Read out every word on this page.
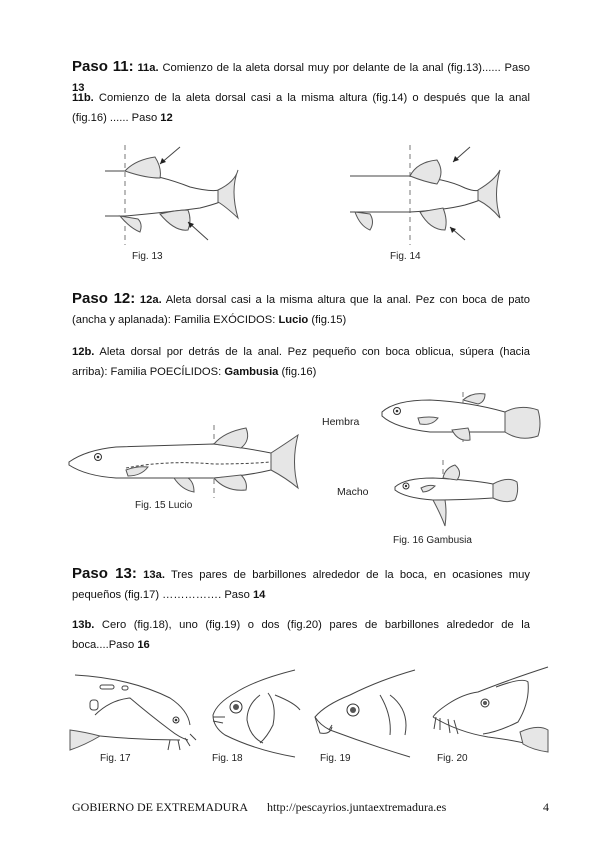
Paso 11: 11a. Comienzo de la aleta dorsal muy por delante de la anal (fig.13)...... Paso 13
11b. Comienzo de la aleta dorsal casi a la misma altura (fig.14) o después que la anal (fig.16) ...... Paso 12
Fig. 13	Fig. 14
Paso 12: 12a. Aleta dorsal casi a la misma altura que la anal. Pez con boca de pato (ancha y aplanada): Familia EXÓCIDOS: Lucio (fig.15)
12b. Aleta dorsal por detrás de la anal. Pez pequeño con boca oblicua, súpera (hacia arriba): Familia POECÍLIDOS: Gambusia (fig.16)
Fig. 15 Lucio
Hembra
Macho
Fig. 16 Gambusia
Paso 13: 13a. Tres pares de barbillones alrededor de la boca, en ocasiones muy pequeños (fig.17) ……………. Paso 14
13b. Cero (fig.18), uno (fig.19) o dos (fig.20) pares de barbillones alrededor de la boca....Paso 16
Fig. 17	Fig. 18	Fig. 19	Fig. 20
GOBIERNO DE EXTREMADURA http://pescayrios.juntaextremadura.es	4
